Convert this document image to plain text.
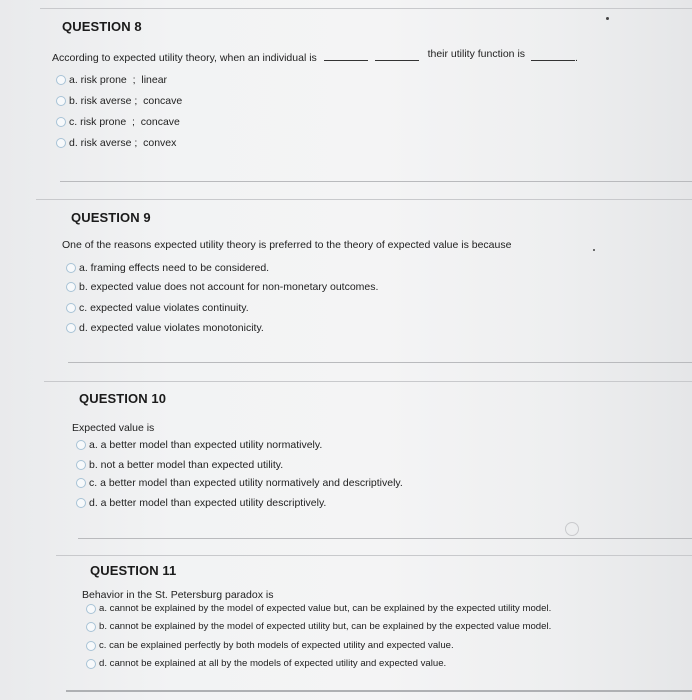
QUESTION 8
According to expected utility theory, when an individual is	their utility function is	.
a. risk prone  ;  linear
b. risk averse ;  concave
c. risk prone  ;  concave
d. risk averse ;  convex
QUESTION 9
One of the reasons expected utility theory is preferred to the theory of expected value is because
a. framing effects need to be considered.
b. expected value does not account for non-monetary outcomes.
c. expected value violates continuity.
d. expected value violates monotonicity.
QUESTION 10
Expected value is
a. a better model than expected utility normatively.
b. not a better model than expected utility.
c. a better model than expected utility normatively and descriptively.
d. a better model than expected utility descriptively.
QUESTION 11
Behavior in the St. Petersburg paradox is
a. cannot be explained by the model of expected value but, can be explained by the expected utility model.
b. cannot be explained by the model of expected utility but, can be explained by the expected value model.
c. can be explained perfectly by both models of expected utility and expected value.
d. cannot be explained at all by the models of expected utility and expected value.
